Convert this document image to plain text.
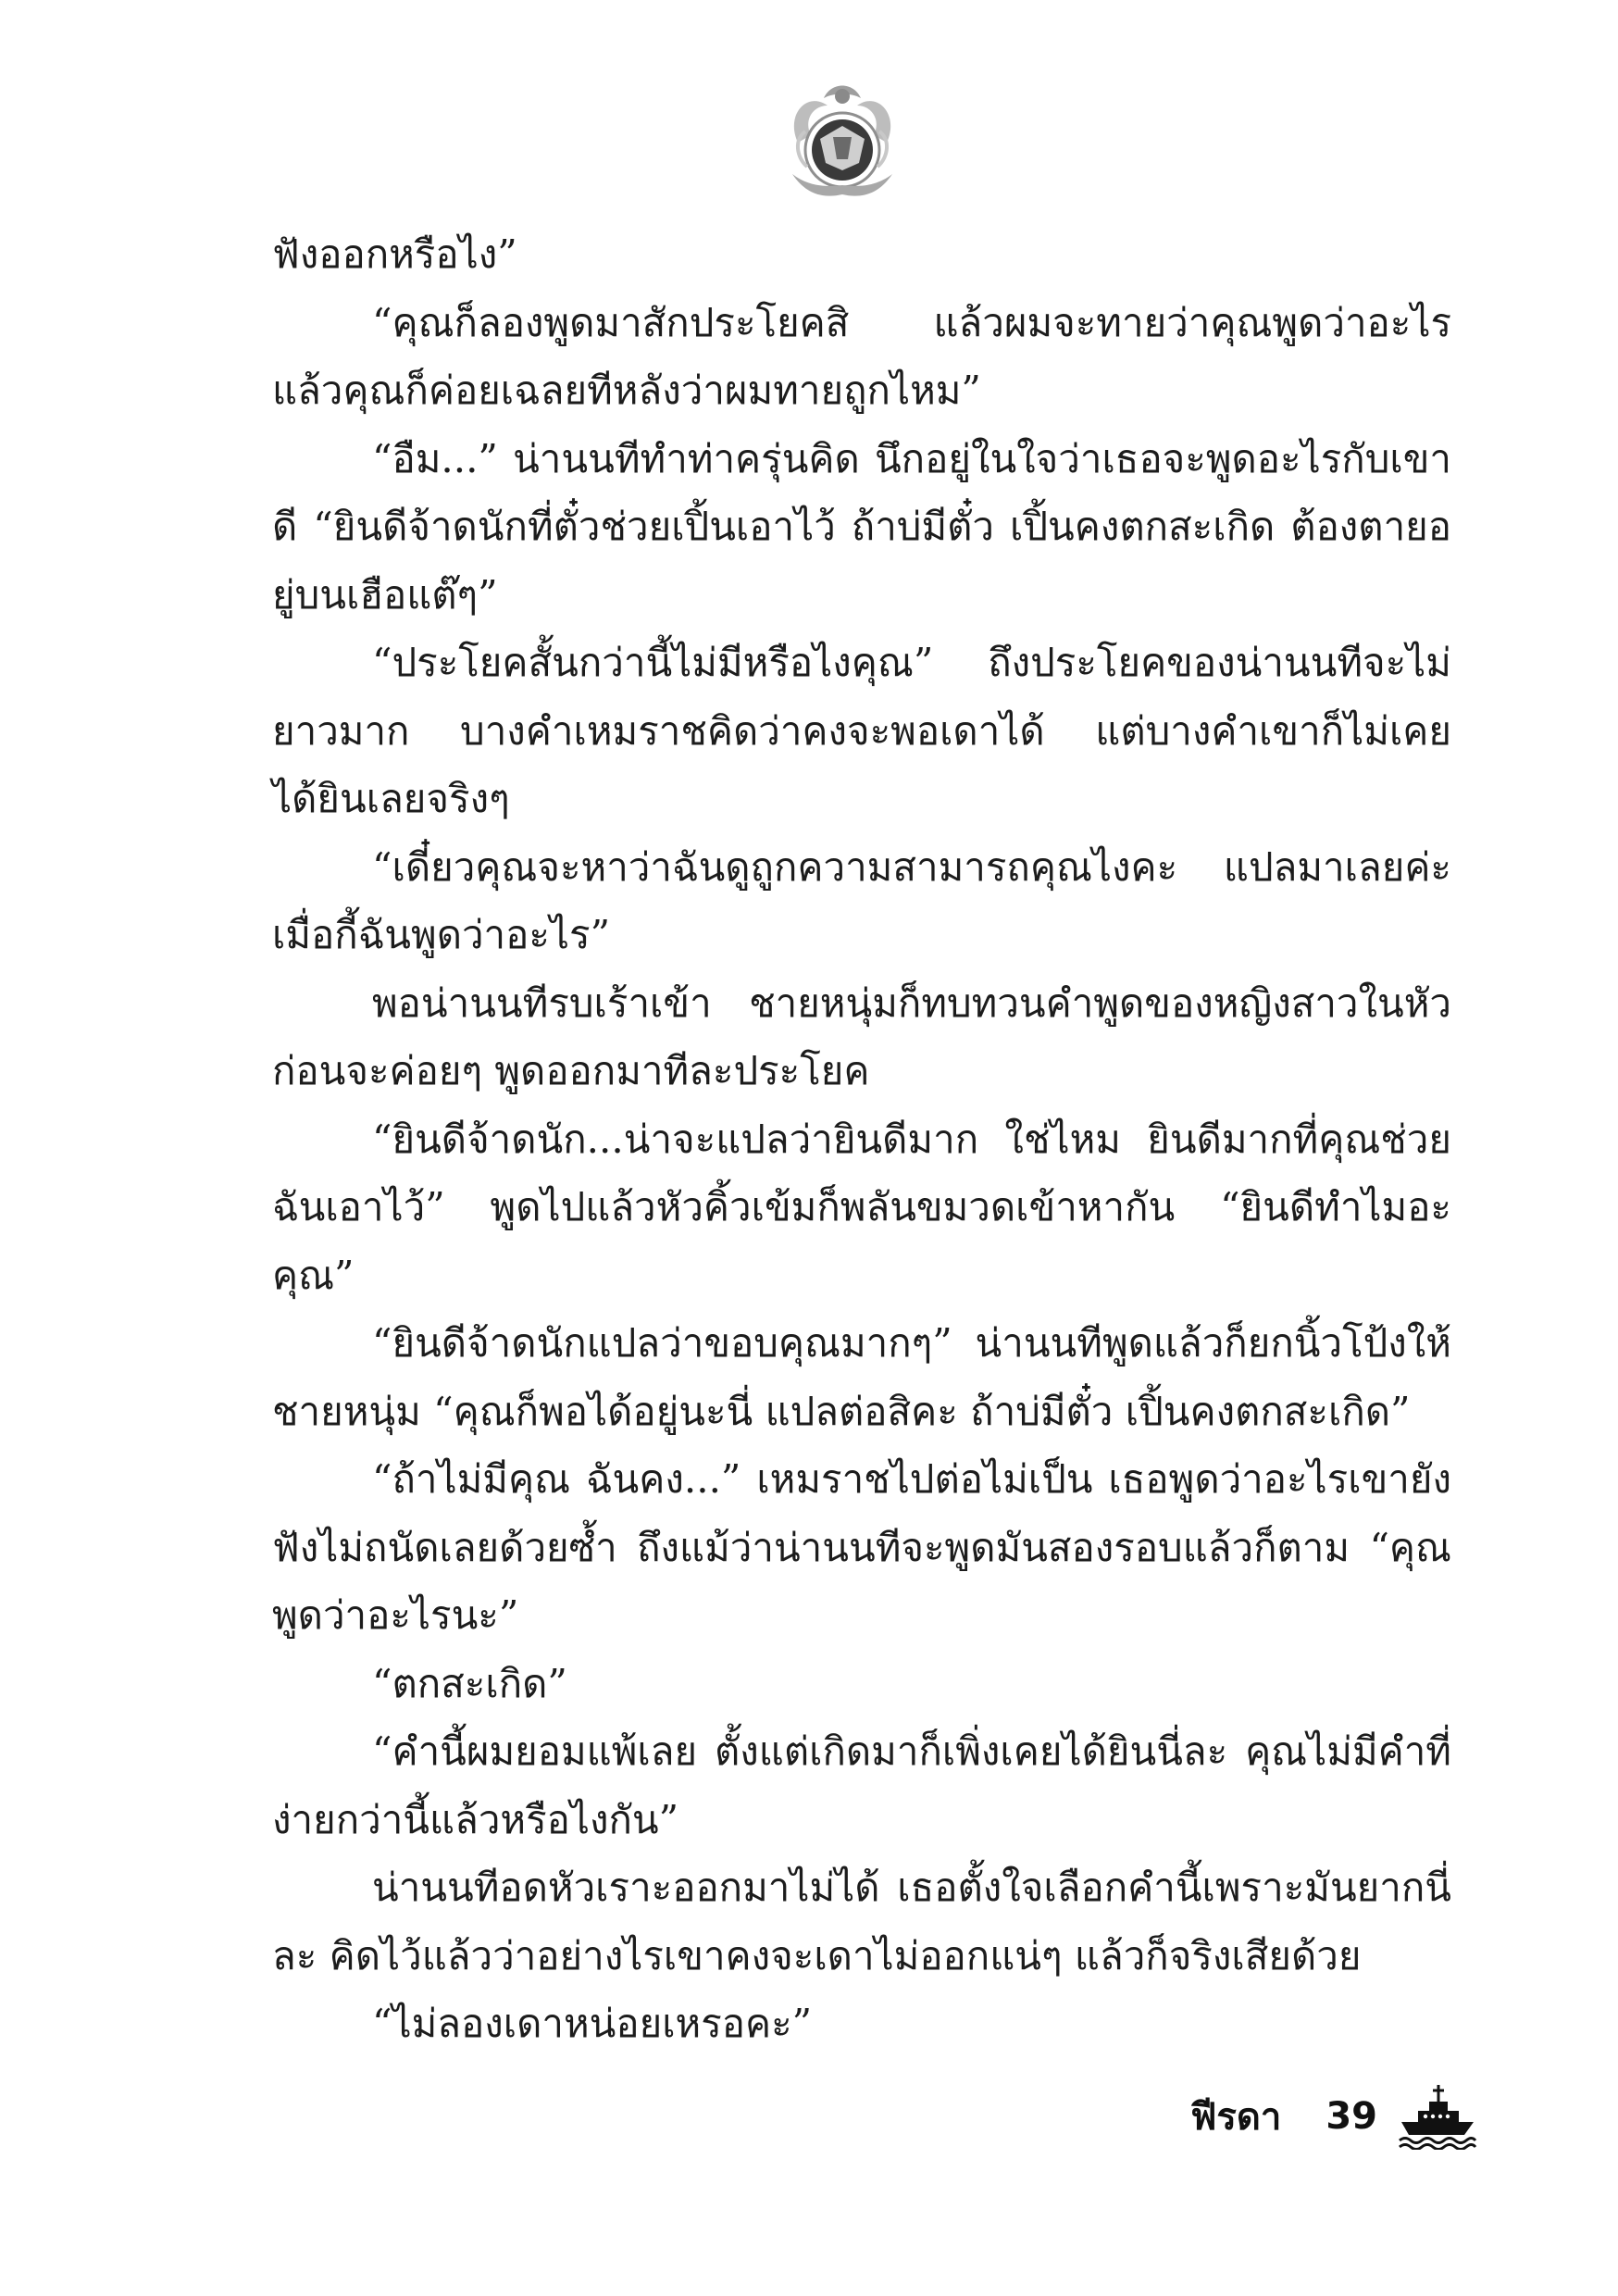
ฟังออกหรือไง”

“คุณก็ลองพูดมาสักประโยคสิ แล้วผมจะทายว่าคุณพูดว่าอะไร แล้วคุณก็ค่อยเฉลยทีหลังว่าผมทายถูกไหม”

“อืม...” น่านนทีทำท่าครุ่นคิด นึกอยู่ในใจว่าเธอจะพูดอะไรกับเขาดี “ยินดีจ้าดนักที่ตั๋วช่วยเปิ้นเอาไว้ ถ้าบ่มีตั๋ว เปิ้นคงตกสะเกิด ต้องตายอยู่บนเฮือแต๊ๆ”

“ประโยคสั้นกว่านี้ไม่มีหรือไงคุณ” ถึงประโยคของน่านนทีจะไม่ยาวมาก บางคำเหมราชคิดว่าคงจะพอเดาได้ แต่บางคำเขาก็ไม่เคยได้ยินเลยจริงๆ

“เดี๋ยวคุณจะหาว่าฉันดูถูกความสามารถคุณไงคะ แปลมาเลยค่ะ เมื่อกี้ฉันพูดว่าอะไร”

พอน่านนทีรบเร้าเข้า ชายหนุ่มก็ทบทวนคำพูดของหญิงสาวในหัวก่อนจะค่อยๆ พูดออกมาทีละประโยค

“ยินดีจ้าดนัก...น่าจะแปลว่ายินดีมาก ใช่ไหม ยินดีมากที่คุณช่วยฉันเอาไว้” พูดไปแล้วหัวคิ้วเข้มก็พลันขมวดเข้าหากัน “ยินดีทำไมอะคุณ”

“ยินดีจ้าดนักแปลว่าขอบคุณมากๆ” น่านนทีพูดแล้วก็ยกนิ้วโป้งให้ชายหนุ่ม “คุณก็พอได้อยู่นะนี่ แปลต่อสิคะ ถ้าบ่มีตั๋ว เปิ้นคงตกสะเกิด”

“ถ้าไม่มีคุณ ฉันคง...” เหมราชไปต่อไม่เป็น เธอพูดว่าอะไรเขายังฟังไม่ถนัดเลยด้วยซ้ำ ถึงแม้ว่าน่านนทีจะพูดมันสองรอบแล้วก็ตาม “คุณพูดว่าอะไรนะ”

“ตกสะเกิด”

“คำนี้ผมยอมแพ้เลย ตั้งแต่เกิดมาก็เพิ่งเคยได้ยินนี่ละ คุณไม่มีคำที่ง่ายกว่านี้แล้วหรือไงกัน”

น่านนทีอดหัวเราะออกมาไม่ได้ เธอตั้งใจเลือกคำนี้เพราะมันยากนี่ละ คิดไว้แล้วว่าอย่างไรเขาคงจะเดาไม่ออกแน่ๆ แล้วก็จริงเสียด้วย

“ไม่ลองเดาหน่อยเหรอคะ”

ฟีรดา 39
